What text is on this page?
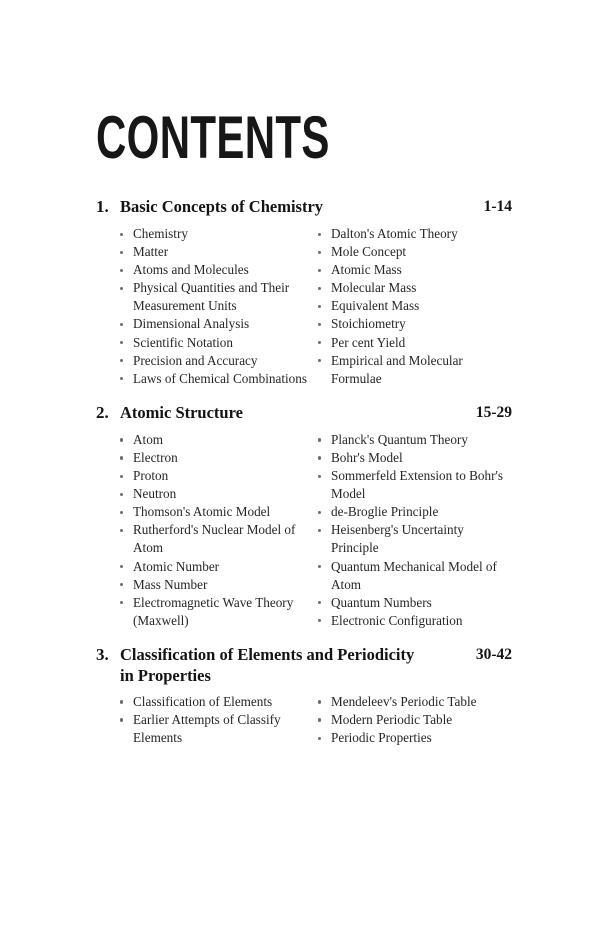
CONTENTS
1. Basic Concepts of Chemistry	1-14
Chemistry
Matter
Atoms and Molecules
Physical Quantities and Their Measurement Units
Dimensional Analysis
Scientific Notation
Precision and Accuracy
Laws of Chemical Combinations
Dalton's Atomic Theory
Mole Concept
Atomic Mass
Molecular Mass
Equivalent Mass
Stoichiometry
Per cent Yield
Empirical and Molecular Formulae
2. Atomic Structure	15-29
Atom
Electron
Proton
Neutron
Thomson's Atomic Model
Rutherford's Nuclear Model of Atom
Atomic Number
Mass Number
Electromagnetic Wave Theory (Maxwell)
Planck's Quantum Theory
Bohr's Model
Sommerfeld Extension to Bohr's Model
de-Broglie Principle
Heisenberg's Uncertainty Principle
Quantum Mechanical Model of Atom
Quantum Numbers
Electronic Configuration
3. Classification of Elements and Periodicity in Properties
30-42
Classification of Elements
Earlier Attempts of Classify Elements
Mendeleev's Periodic Table
Modern Periodic Table
Periodic Properties
